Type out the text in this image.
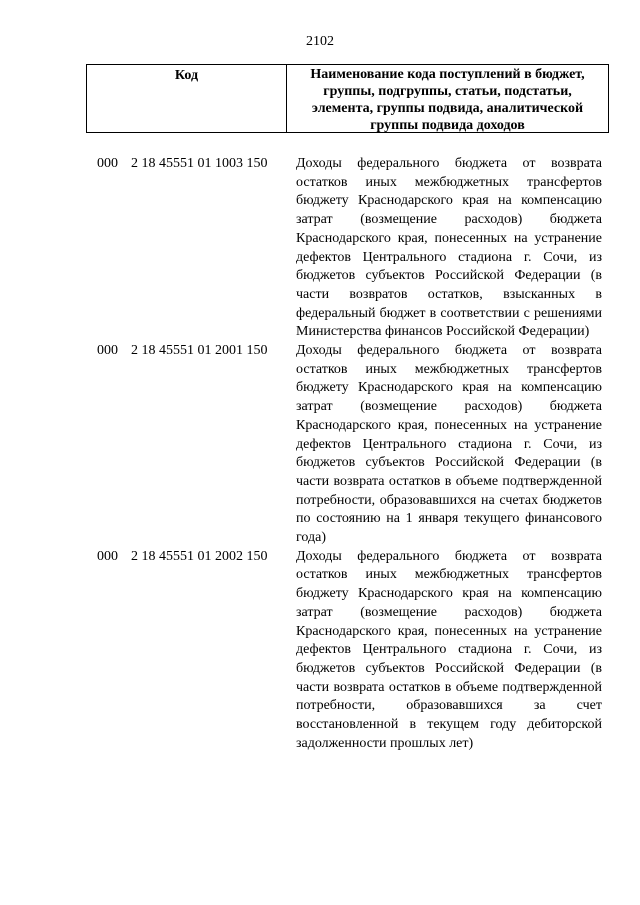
2102
Код	Наименование кода поступлений в бюджет, группы, подгруппы, статьи, подстатьи, элемента, группы подвида, аналитической группы подвида доходов
000 2 18 45551 01 1003 150 Доходы федерального бюджета от возврата остатков иных межбюджетных трансфертов бюджету Краснодарского края на компенсацию затрат (возмещение расходов) бюджета Краснодарского края, понесенных на устранение дефектов Центрального стадиона г. Сочи, из бюджетов субъектов Российской Федерации (в части возвратов остатков, взысканных в федеральный бюджет в соответствии с решениями Министерства финансов Российской Федерации)
000 2 18 45551 01 2001 150 Доходы федерального бюджета от возврата остатков иных межбюджетных трансфертов бюджету Краснодарского края на компенсацию затрат (возмещение расходов) бюджета Краснодарского края, понесенных на устранение дефектов Центрального стадиона г. Сочи, из бюджетов субъектов Российской Федерации (в части возврата остатков в объеме подтвержденной потребности, образовавшихся на счетах бюджетов по состоянию на 1 января текущего финансового года)
000 2 18 45551 01 2002 150 Доходы федерального бюджета от возврата остатков иных межбюджетных трансфертов бюджету Краснодарского края на компенсацию затрат (возмещение расходов) бюджета Краснодарского края, понесенных на устранение дефектов Центрального стадиона г. Сочи, из бюджетов субъектов Российской Федерации (в части возврата остатков в объеме подтвержденной потребности, образовавшихся за счет восстановленной в текущем году дебиторской задолженности прошлых лет)
